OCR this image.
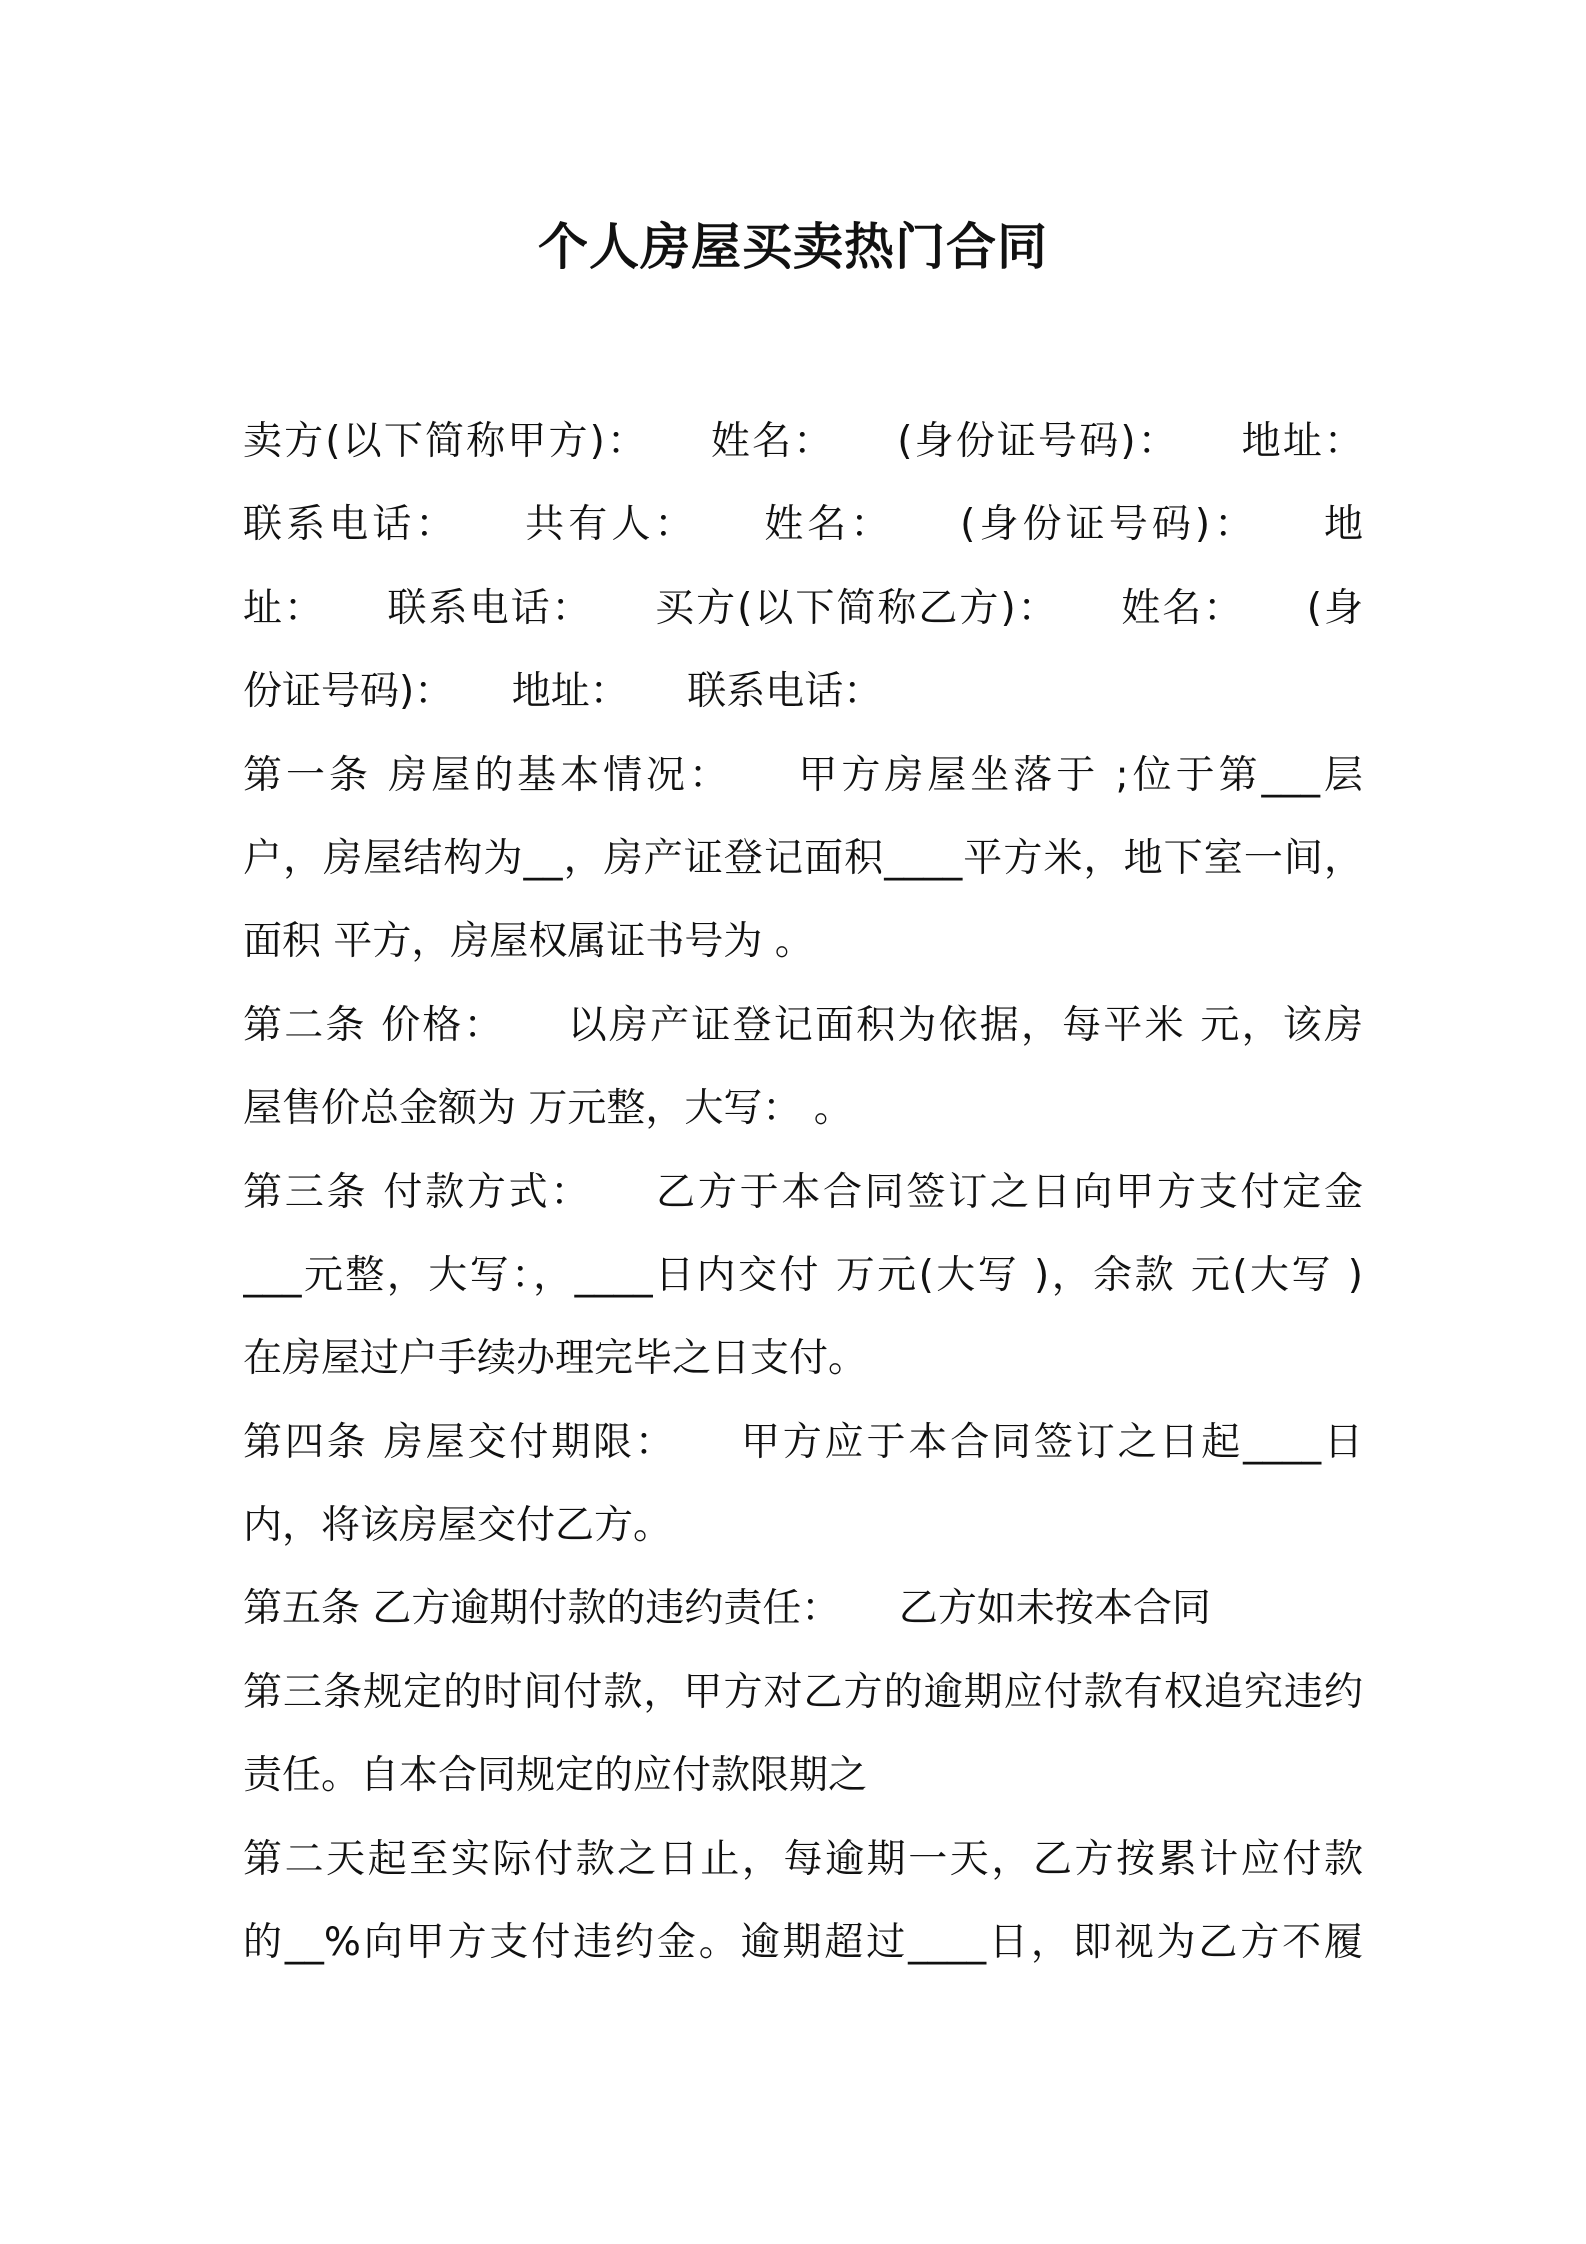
个人房屋买卖热门合同
卖方(以下简称甲方)：　　姓名：　　(身份证号码)：　　地址：
联系电话：　　共有人：　　姓名：　　(身份证号码)：　　地
址：　　联系电话：　　买方(以下简称乙方)：　　姓名：　　(身
份证号码)：　　地址：　　联系电话：
第一条 房屋的基本情况：　　甲方房屋坐落于 ;位于第___层
户，房屋结构为__，房产证登记面积____平方米，地下室一间，
面积 平方，房屋权属证书号为 。
第二条 价格：　　以房产证登记面积为依据，每平米 元，该房
屋售价总金额为 万元整，大写： 。
第三条 付款方式：　　乙方于本合同签订之日向甲方支付定金
___元整，大写：，____日内交付 万元(大写 )，余款 元(大写 )
在房屋过户手续办理完毕之日支付。
第四条 房屋交付期限：　　甲方应于本合同签订之日起____日
内，将该房屋交付乙方。
第五条 乙方逾期付款的违约责任：　　乙方如未按本合同
第三条规定的时间付款，甲方对乙方的逾期应付款有权追究违约
责任。自本合同规定的应付款限期之
第二天起至实际付款之日止，每逾期一天，乙方按累计应付款
的__%向甲方支付违约金。逾期超过____日，即视为乙方不履
